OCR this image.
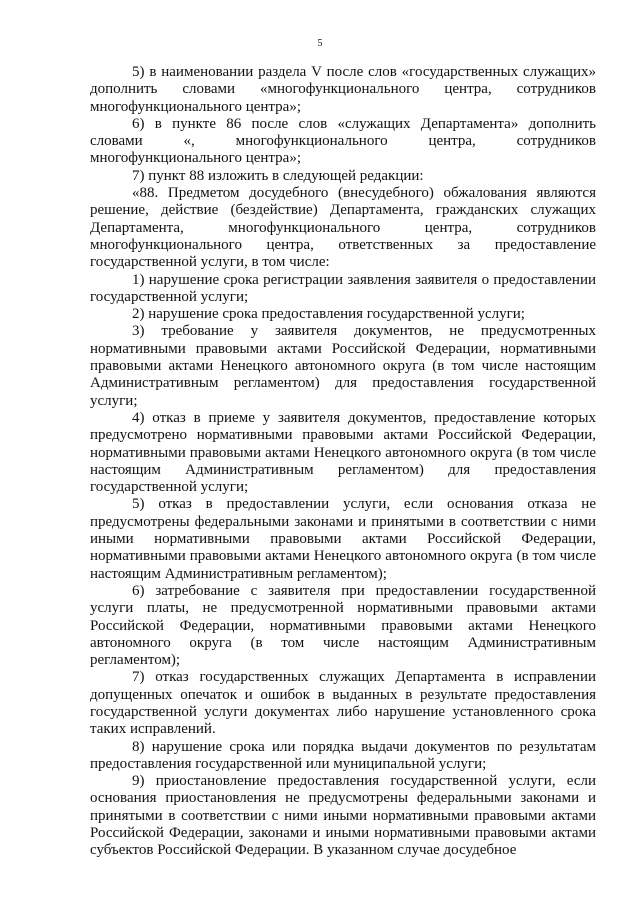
5

5) в наименовании раздела V после слов «государственных служащих» дополнить словами «многофункционального центра, сотрудников многофункционального центра»;

6) в пункте 86 после слов «служащих Департамента» дополнить словами «, многофункционального центра, сотрудников многофункционального центра»;

7) пункт 88 изложить в следующей редакции:

«88. Предметом досудебного (внесудебного) обжалования являются решение, действие (бездействие) Департамента, гражданских служащих Департамента, многофункционального центра, сотрудников многофункционального центра, ответственных за предоставление государственной услуги, в том числе:

1) нарушение срока регистрации заявления заявителя о предоставлении государственной услуги;

2) нарушение срока предоставления государственной услуги;

3) требование у заявителя документов, не предусмотренных нормативными правовыми актами Российской Федерации, нормативными правовыми актами Ненецкого автономного округа (в том числе настоящим Административным регламентом) для предоставления государственной услуги;

4) отказ в приеме у заявителя документов, предоставление которых предусмотрено нормативными правовыми актами Российской Федерации, нормативными правовыми актами Ненецкого автономного округа (в том числе настоящим Административным регламентом) для предоставления государственной услуги;

5) отказ в предоставлении услуги, если основания отказа не предусмотрены федеральными законами и принятыми в соответствии с ними иными нормативными правовыми актами Российской Федерации, нормативными правовыми актами Ненецкого автономного округа (в том числе настоящим Административным регламентом);

6) затребование с заявителя при предоставлении государственной услуги платы, не предусмотренной нормативными правовыми актами Российской Федерации, нормативными правовыми актами Ненецкого автономного округа (в том числе настоящим Административным регламентом);

7) отказ государственных служащих Департамента в исправлении допущенных опечаток и ошибок в выданных в результате предоставления государственной услуги документах либо нарушение установленного срока таких исправлений.

8) нарушение срока или порядка выдачи документов по результатам предоставления государственной или муниципальной услуги;

9) приостановление предоставления государственной услуги, если основания приостановления не предусмотрены федеральными законами и принятыми в соответствии с ними иными нормативными правовыми актами Российской Федерации, законами и иными нормативными правовыми актами субъектов Российской Федерации. В указанном случае досудебное
